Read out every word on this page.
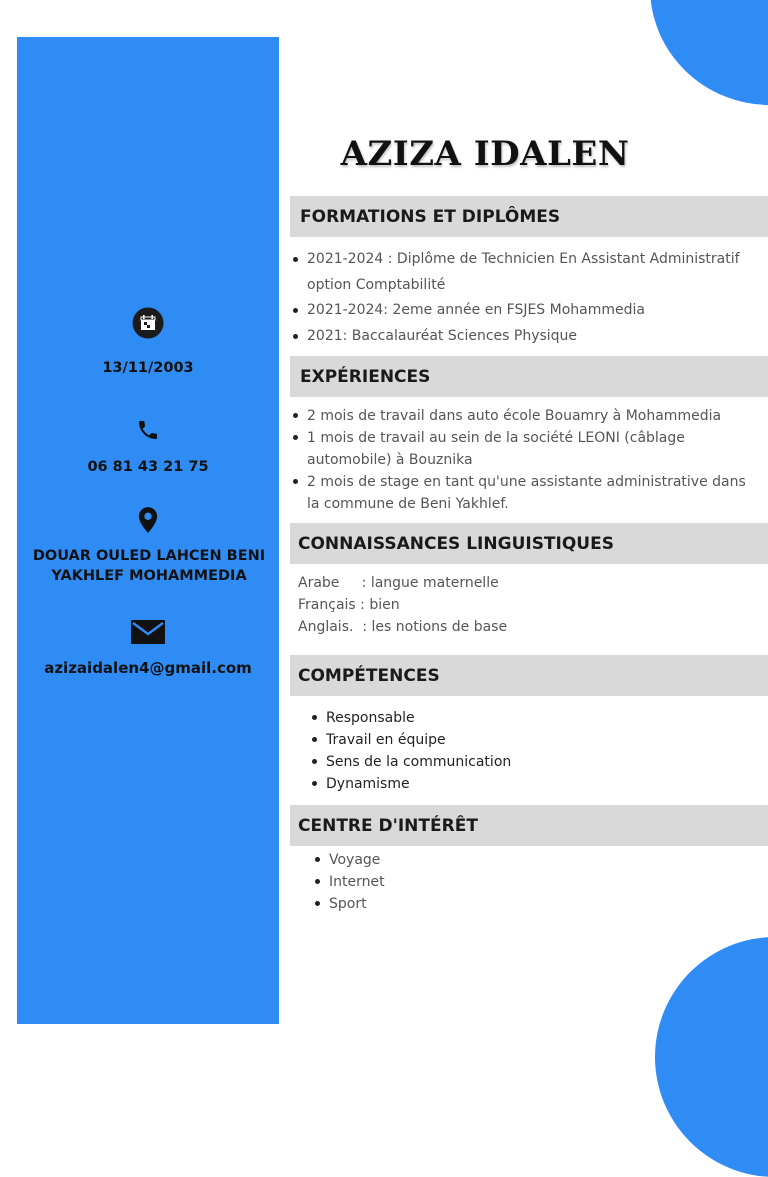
13/11/2003
06 81 43 21 75
DOUAR OULED LAHCEN BENI YAKHLEF MOHAMMEDIA
azizaidalen4@gmail.com
AZIZA IDALEN
FORMATIONS ET DIPLÔMES
2021-2024 : Diplôme de Technicien En Assistant Administratif option Comptabilité
2021-2024: 2eme année en FSJES Mohammedia
2021: Baccalauréat Sciences Physique
EXPÉRIENCES
2 mois de travail dans auto école Bouamry à Mohammedia
1 mois de travail au sein de la société LEONI (câblage automobile) à Bouznika
2 mois de stage en tant qu'une assistante administrative dans la commune de Beni Yakhlef.
CONNAISSANCES LINGUISTIQUES
Arabe     : langue maternelle
Français : bien
Anglais.  : les notions de base
COMPÉTENCES
Responsable
Travail en équipe
Sens de la communication
Dynamisme
CENTRE D'INTÉRÊT
Voyage
Internet
Sport
